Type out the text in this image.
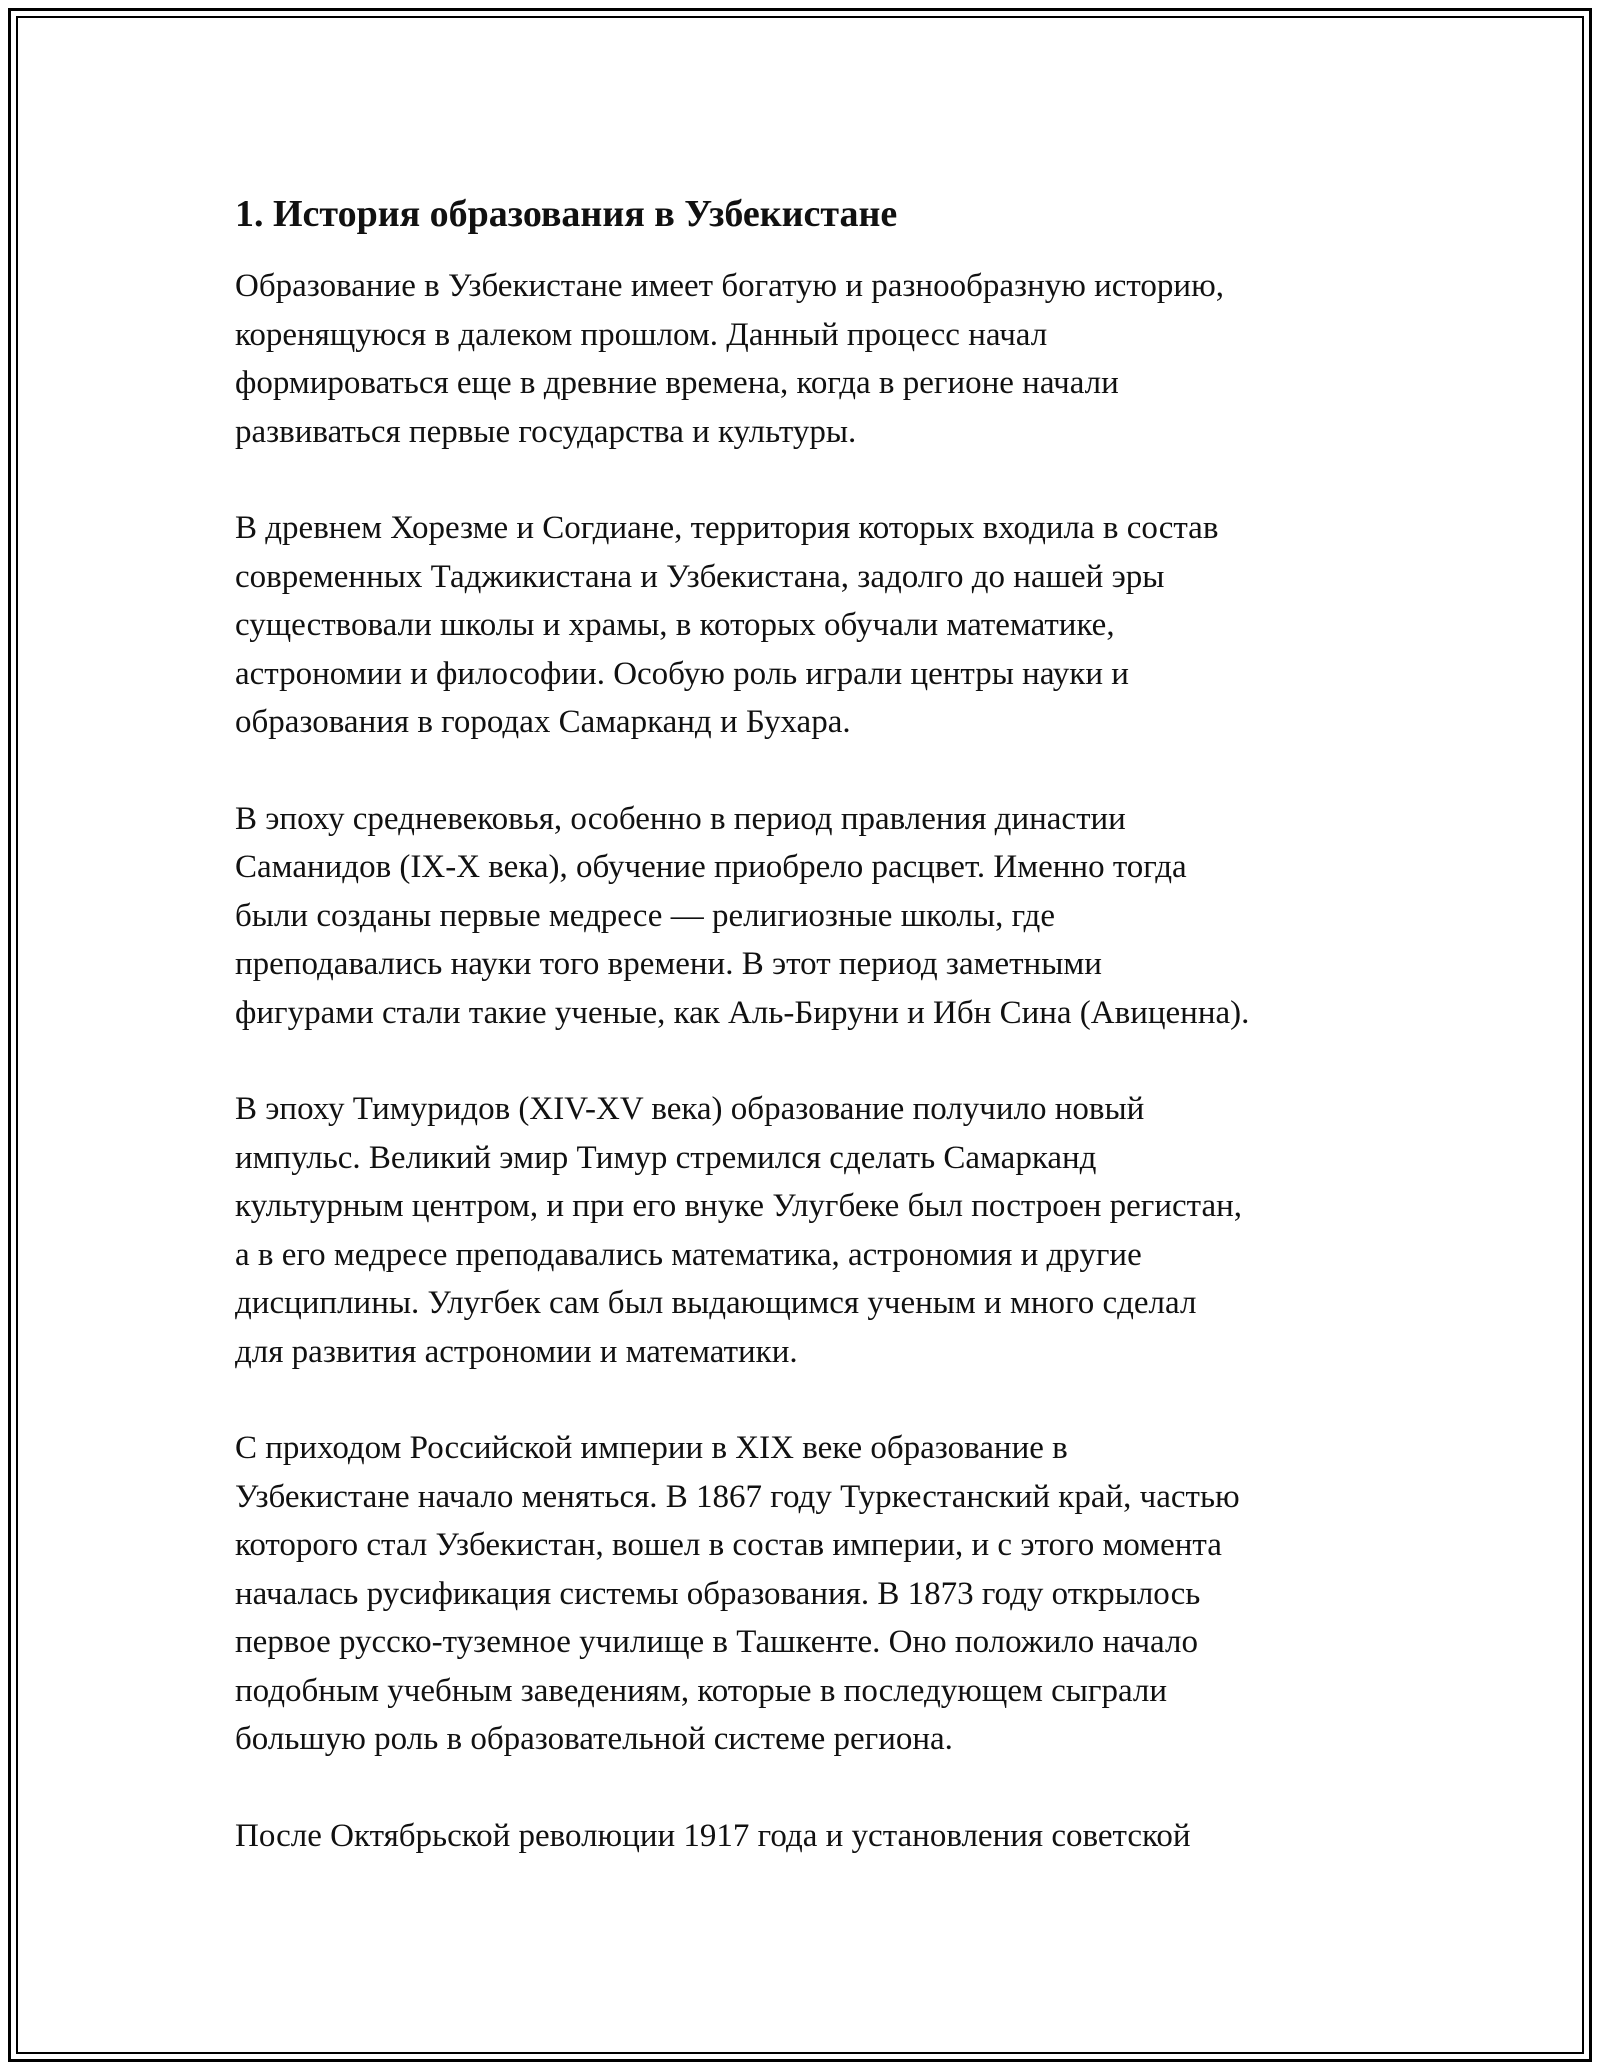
1. История образования в Узбекистане

Образование в Узбекистане имеет богатую и разнообразную историю,
коренящуюся в далеком прошлом. Данный процесс начал
формироваться еще в древние времена, когда в регионе начали
развиваться первые государства и культуры.

В древнем Хорезме и Согдиане, территория которых входила в состав
современных Таджикистана и Узбекистана, задолго до нашей эры
существовали школы и храмы, в которых обучали математике,
астрономии и философии. Особую роль играли центры науки и
образования в городах Самарканд и Бухара.

В эпоху средневековья, особенно в период правления династии
Саманидов (IX-X века), обучение приобрело расцвет. Именно тогда
были созданы первые медресе — религиозные школы, где
преподавались науки того времени. В этот период заметными
фигурами стали такие ученые, как Аль-Бируни и Ибн Сина (Авиценна).

В эпоху Тимуридов (XIV-XV века) образование получило новый
импульс. Великий эмир Тимур стремился сделать Самарканд
культурным центром, и при его внуке Улугбеке был построен регистан,
а в его медресе преподавались математика, астрономия и другие
дисциплины. Улугбек сам был выдающимся ученым и много сделал
для развития астрономии и математики.

С приходом Российской империи в XIX веке образование в
Узбекистане начало меняться. В 1867 году Туркестанский край, частью
которого стал Узбекистан, вошел в состав империи, и с этого момента
началась русификация системы образования. В 1873 году открылось
первое русско-туземное училище в Ташкенте. Оно положило начало
подобным учебным заведениям, которые в последующем сыграли
большую роль в образовательной системе региона.

После Октябрьской революции 1917 года и установления советской
